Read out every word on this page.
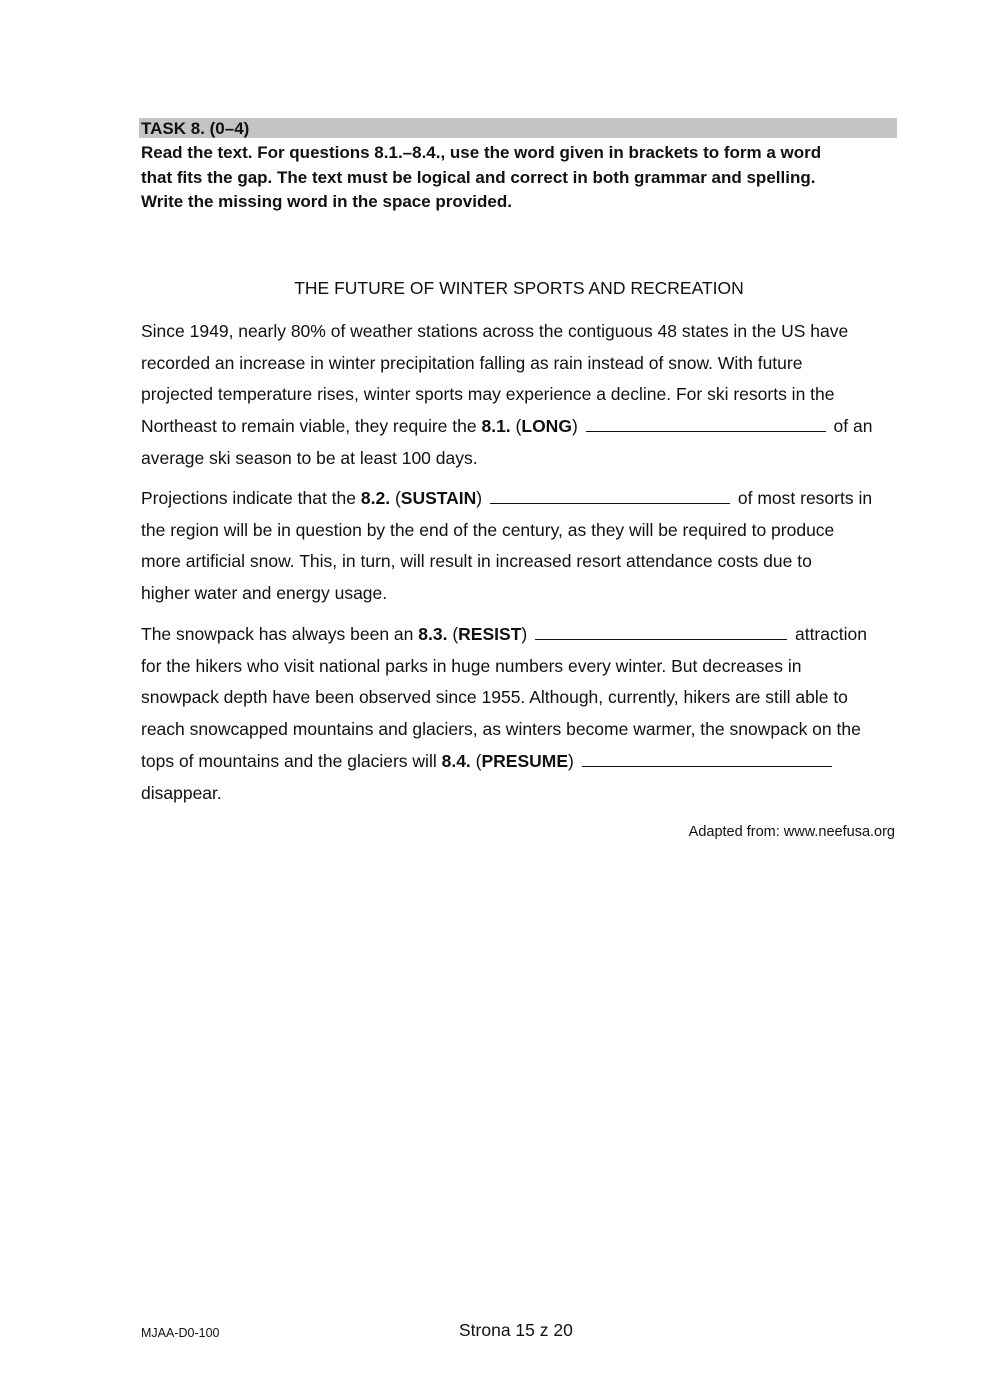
TASK 8. (0–4)
Read the text. For questions 8.1.–8.4., use the word given in brackets to form a word
that fits the gap. The text must be logical and correct in both grammar and spelling.
Write the missing word in the space provided.
THE FUTURE OF WINTER SPORTS AND RECREATION
Since 1949, nearly 80% of weather stations across the contiguous 48 states in the US have
recorded an increase in winter precipitation falling as rain instead of snow. With future
projected temperature rises, winter sports may experience a decline. For ski resorts in the
Northeast to remain viable, they require the 8.1. (LONG)	of an
average ski season to be at least 100 days.
Projections indicate that the 8.2. (SUSTAIN)	of most resorts in
the region will be in question by the end of the century, as they will be required to produce
more artificial snow. This, in turn, will result in increased resort attendance costs due to
higher water and energy usage.
The snowpack has always been an 8.3. (RESIST)	attraction
for the hikers who visit national parks in huge numbers every winter. But decreases in
snowpack depth have been observed since 1955. Although, currently, hikers are still able to
reach snowcapped mountains and glaciers, as winters become warmer, the snowpack on the
tops of mountains and the glaciers will 8.4. (PRESUME)
disappear.
Adapted from: www.neefusa.org
MJAA-D0-100	Strona 15 z 20
